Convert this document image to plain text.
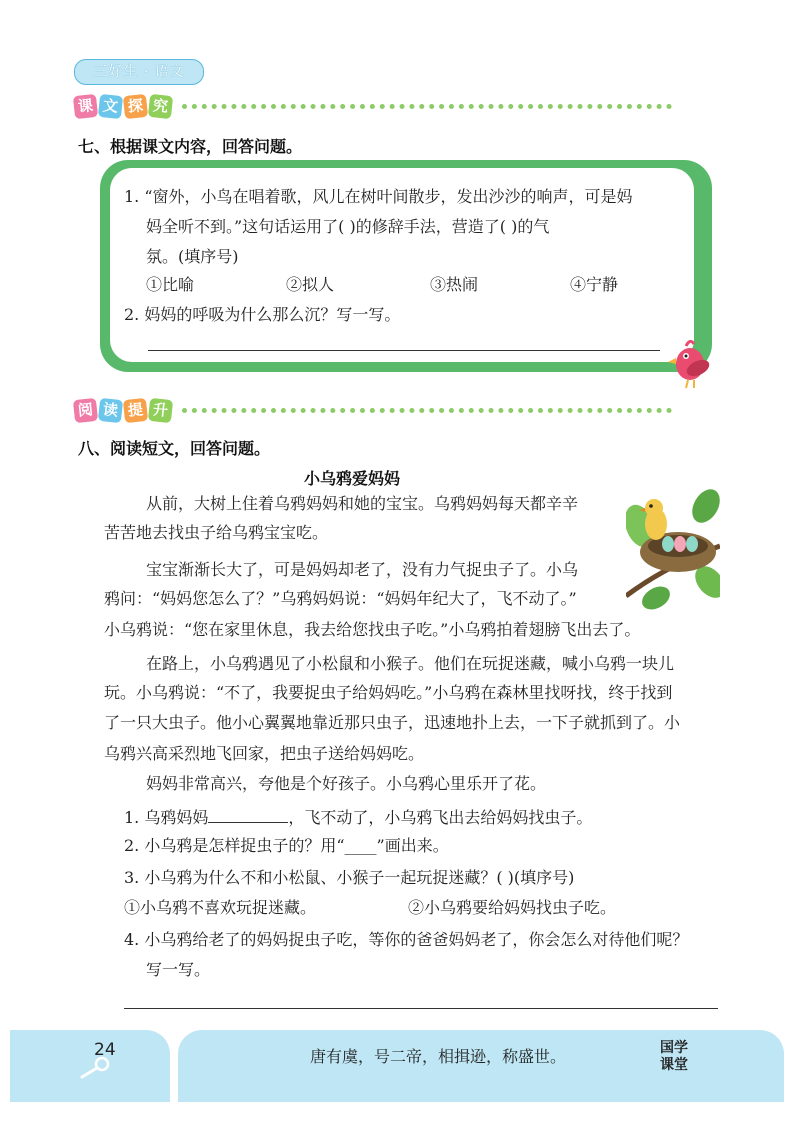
三好生 · 语文
课 文 探 究
七、根据课文内容，回答问题。
1. “窗外，小鸟在唱着歌，风儿在树叶间散步，发出沙沙的响声，可是妈
妈全听不到。”这句话运用了( )的修辞手法，营造了( )的气
氛。(填序号)
①比喻	②拟人	③热闹	④宁静
2. 妈妈的呼吸为什么那么沉？写一写。
阅 读 提 升
八、阅读短文，回答问题。
小乌鸦爱妈妈
从前，大树上住着乌鸦妈妈和她的宝宝。乌鸦妈妈每天都辛辛
苦苦地去找虫子给乌鸦宝宝吃。
宝宝渐渐长大了，可是妈妈却老了，没有力气捉虫子了。小乌
鸦问：“妈妈您怎么了？”乌鸦妈妈说：“妈妈年纪大了，飞不动了。”
小乌鸦说：“您在家里休息，我去给您找虫子吃。”小乌鸦拍着翅膀飞出去了。
在路上，小乌鸦遇见了小松鼠和小猴子。他们在玩捉迷藏，喊小乌鸦一块儿
玩。小乌鸦说：“不了，我要捉虫子给妈妈吃。”小乌鸦在森林里找呀找，终于找到
了一只大虫子。他小心翼翼地靠近那只虫子，迅速地扑上去，一下子就抓到了。小
乌鸦兴高采烈地飞回家，把虫子送给妈妈吃。
妈妈非常高兴，夸他是个好孩子。小乌鸦心里乐开了花。
1. 乌鸦妈妈	，飞不动了，小乌鸦飞出去给妈妈找虫子。
2. 小乌鸦是怎样捉虫子的？用“____”画出来。
3. 小乌鸦为什么不和小松鼠、小猴子一起玩捉迷藏？( )(填序号)
①小乌鸦不喜欢玩捉迷藏。	②小乌鸦要给妈妈找虫子吃。
4. 小乌鸦给老了的妈妈捉虫子吃，等你的爸爸妈妈老了，你会怎么对待他们呢？
写一写。
24	唐有虞，号二帝，相揖逊，称盛世。	国学
课堂
